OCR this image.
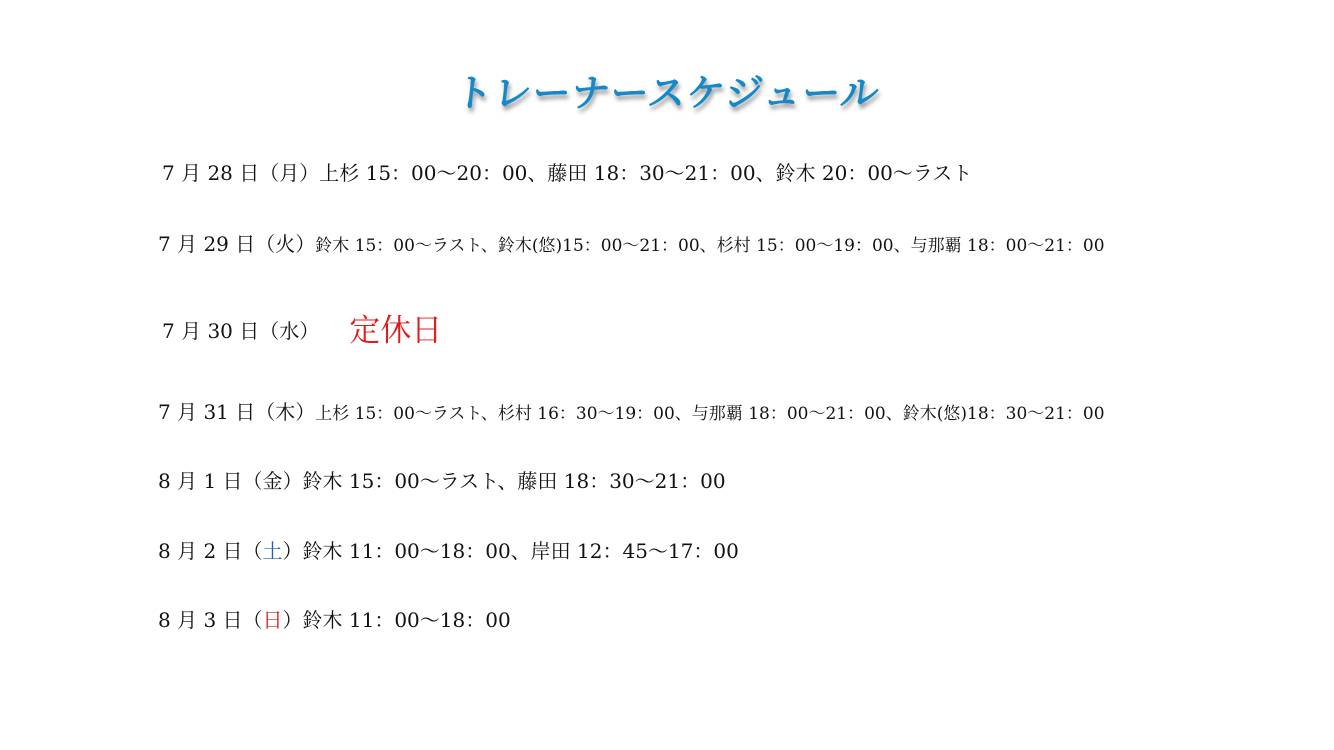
トレーナースケジュール
7 月 28 日（月）上杉 15：00〜20：00、藤田 18：30〜21：00、鈴木 20：00〜ラスト
7 月 29 日（火）鈴木 15：00〜ラスト、鈴木(悠)15：00〜21：00、杉村 15：00〜19：00、与那覇 18：00〜21：00
7 月 30 日（水） 定休日
7 月 31 日（木）上杉 15：00〜ラスト、杉村 16：30〜19：00、与那覇 18：00〜21：00、鈴木(悠)18：30〜21：00
8 月 1 日（金）鈴木 15：00〜ラスト、藤田 18：30〜21：00
8 月 2 日（土）鈴木 11：00〜18：00、岸田 12：45〜17：00
8 月 3 日（日）鈴木 11：00〜18：00
